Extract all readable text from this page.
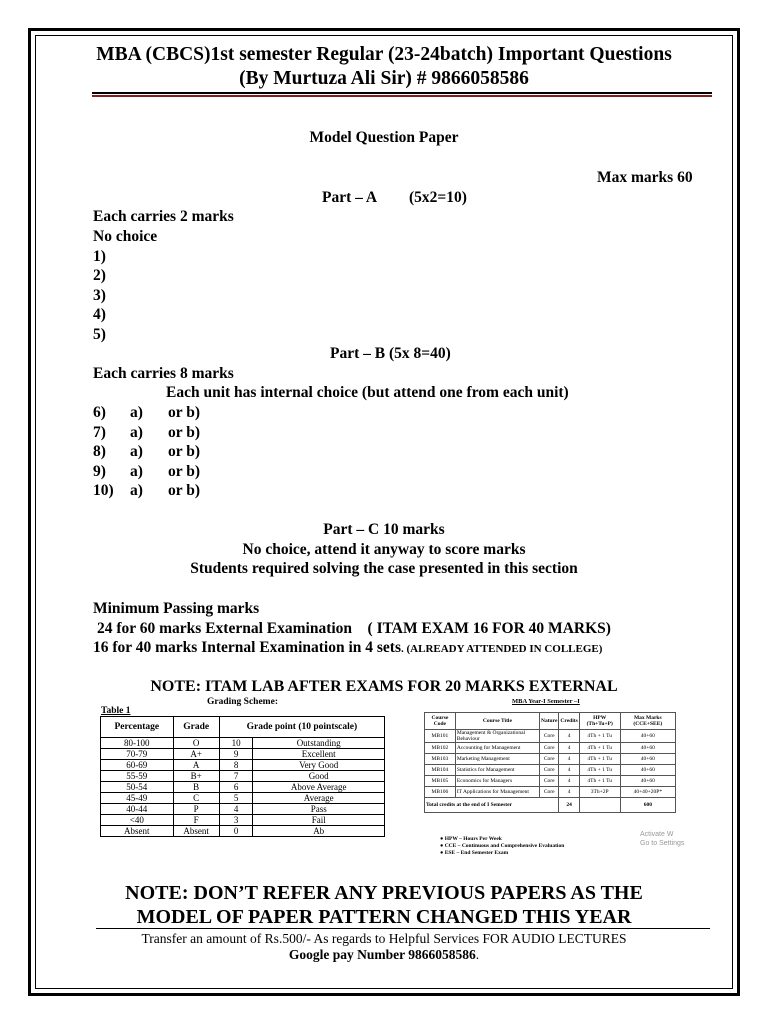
MBA (CBCS)1st semester Regular (23-24batch) Important Questions
(By Murtuza Ali Sir) # 9866058586
Model Question Paper
Max marks 60
Part – A (5x2=10)
Each carries 2 marks
No choice
1)
2)
3)
4)
5)
Part – B (5x 8=40)
Each carries 8 marks
Each unit has internal choice (but attend one from each unit)
6) a) or b)
7) a) or b)
8) a) or b)
9) a) or b)
10) a) or b)
Part – C 10 marks
No choice, attend it anyway to score marks
Students required solving the case presented in this section
Minimum Passing marks
24 for 60 marks External Examination    ( ITAM EXAM 16 FOR 40 MARKS)
16 for 40 marks Internal Examination in 4 sets. (ALREADY ATTENDED IN COLLEGE)
NOTE: ITAM LAB AFTER EXAMS FOR 20 MARKS EXTERNAL
Grading Scheme:
Table 1
Percentage	Grade	Grade point (10 pointscale)	
80-100	O	10	Outstanding
70-79	A+	9	Excellent
60-69	A	8	Very Good
55-59	B+	7	Good
50-54	B	6	Above Average
45-49	C	5	Average
40-44	P	4	Pass
<40	F	3	Fail
Absent	Absent	0	Ab
MBA Year-I Semester –I
Course Code	Course Title	Nature	Credits	HPW (Th+Tu+P)	Max Marks (CCE+SEE)
MB101	Management & Organizational Behaviour	Core	4	4Th + 1 Tu	40+60
MB102	Accounting for Management	Core	4	4Th + 1 Tu	40+60
MB103	Marketing Management	Core	4	4Th + 1 Tu	40+60
MB104	Statistics for Management	Core	4	4Th + 1 Tu	40+60
MB105	Economics for Managers	Core	4	4Th + 1 Tu	40+60
MB106	IT Applications for Management	Core	4	3Th+2P	40+40+20P*
Total credits at the end of I Semester			24		600
● HPW – Hours Per Week
● CCE – Continuous and Comprehensive Evaluation
● ESE – End Semester Exam
Activate W
Go to Settings
NOTE: DON’T REFER ANY PREVIOUS PAPERS AS THE
MODEL OF PAPER PATTERN CHANGED THIS YEAR
Transfer an amount of Rs.500/- As regards to Helpful Services FOR AUDIO LECTURES
Google pay Number 9866058586.
